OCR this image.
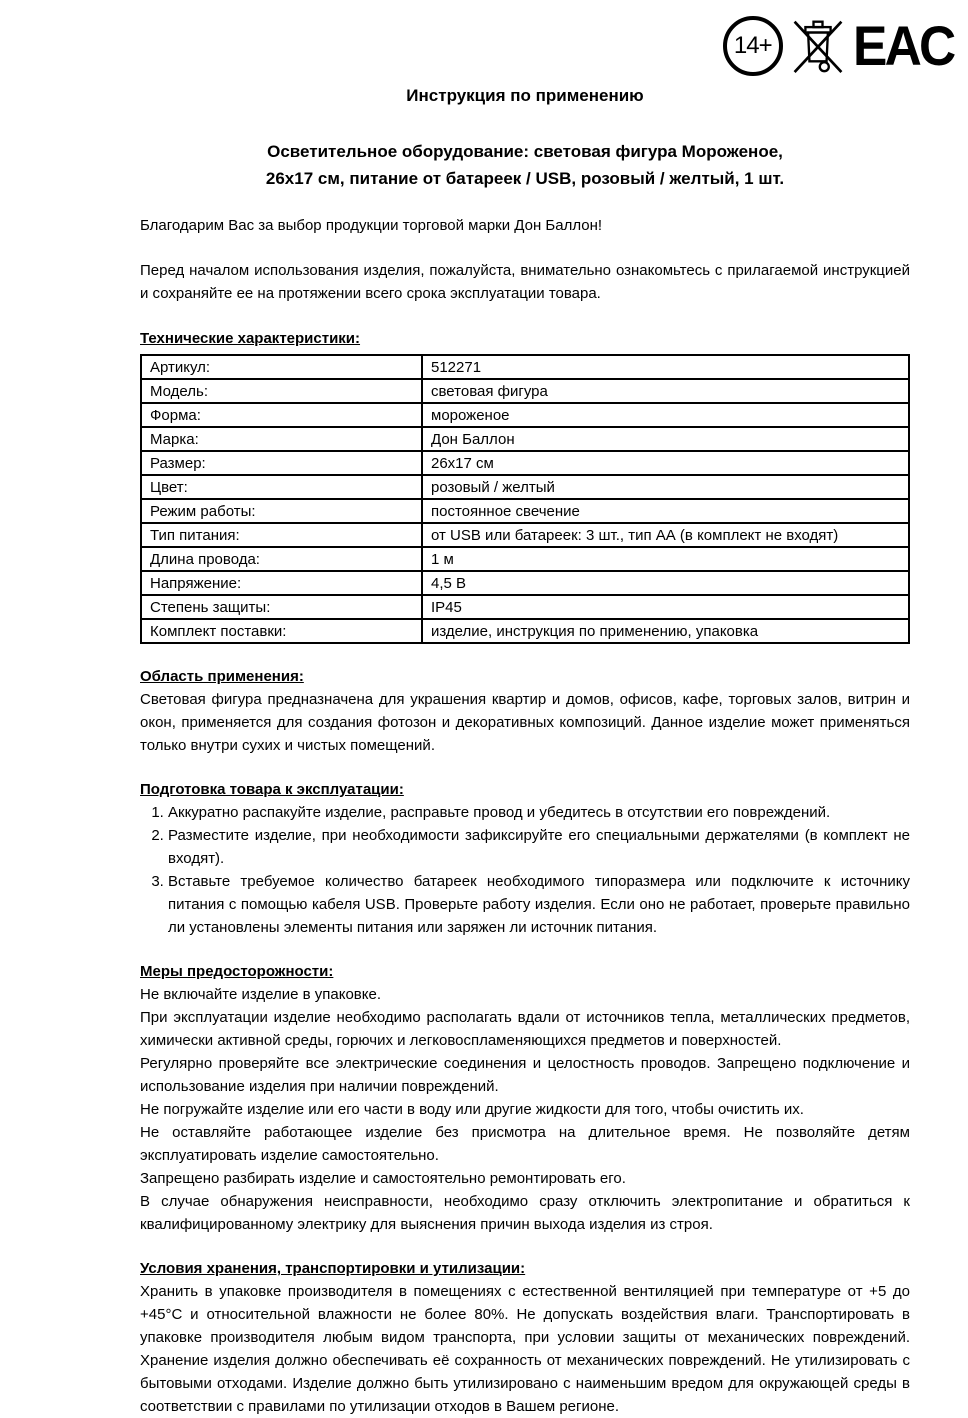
14+ EAC
Инструкция по применению
Осветительное оборудование: световая фигура Мороженое,
26х17 см, питание от батареек / USB, розовый / желтый, 1 шт.

Благодарим Вас за выбор продукции торговой марки Дон Баллон!

Перед началом использования изделия, пожалуйста, внимательно ознакомьтесь с прилагаемой инструкцией и сохраняйте ее на протяжении всего срока эксплуатации товара.

Технические характеристики:
Артикул:	512271
Модель:	световая фигура
Форма:	мороженое
Марка:	Дон Баллон
Размер:	26х17 см
Цвет:	розовый / желтый
Режим работы:	постоянное свечение
Тип питания:	от USB или батареек: 3 шт., тип АА (в комплект не входят)
Длина провода:	1 м
Напряжение:	4,5 В
Степень защиты:	IP45
Комплект поставки:	изделие, инструкция по применению, упаковка
Область применения:

Световая фигура предназначена для украшения квартир и домов, офисов, кафе, торговых залов, витрин и окон, применяется для создания фотозон и декоративных композиций. Данное изделие может применяться только внутри сухих и чистых помещений.

Подготовка товара к эксплуатации:
1. Аккуратно распакуйте изделие, расправьте провод и убедитесь в отсутствии его повреждений.
2. Разместите изделие, при необходимости зафиксируйте его специальными держателями (в комплект не входят).
3. Вставьте требуемое количество батареек необходимого типоразмера или подключите к источнику питания с помощью кабеля USB. Проверьте работу изделия. Если оно не работает, проверьте правильно ли установлены элементы питания или заряжен ли источник питания.
Меры предосторожности:

Не включайте изделие в упаковке.

При эксплуатации изделие необходимо располагать вдали от источников тепла, металлических предметов, химически активной среды, горючих и легковоспламеняющихся предметов и поверхностей.

Регулярно проверяйте все электрические соединения и целостность проводов. Запрещено подключение и использование изделия при наличии повреждений.

Не погружайте изделие или его части в воду или другие жидкости для того, чтобы очистить их.

Не оставляйте работающее изделие без присмотра на длительное время. Не позволяйте детям эксплуатировать изделие самостоятельно.

Запрещено разбирать изделие и самостоятельно ремонтировать его.

В случае обнаружения неисправности, необходимо сразу отключить электропитание и обратиться к квалифицированному электрику для выяснения причин выхода изделия из строя.

Условия хранения, транспортировки и утилизации:

Хранить в упаковке производителя в помещениях с естественной вентиляцией при температуре от +5 до +45°С и относительной влажности не более 80%. Не допускать воздействия влаги. Транспортировать в упаковке производителя любым видом транспорта, при условии защиты от механических повреждений. Хранение изделия должно обеспечивать её сохранность от механических повреждений. Не утилизировать с бытовыми отходами. Изделие должно быть утилизировано с наименьшим вредом для окружающей среды в соответствии с правилами по утилизации отходов в Вашем регионе.
